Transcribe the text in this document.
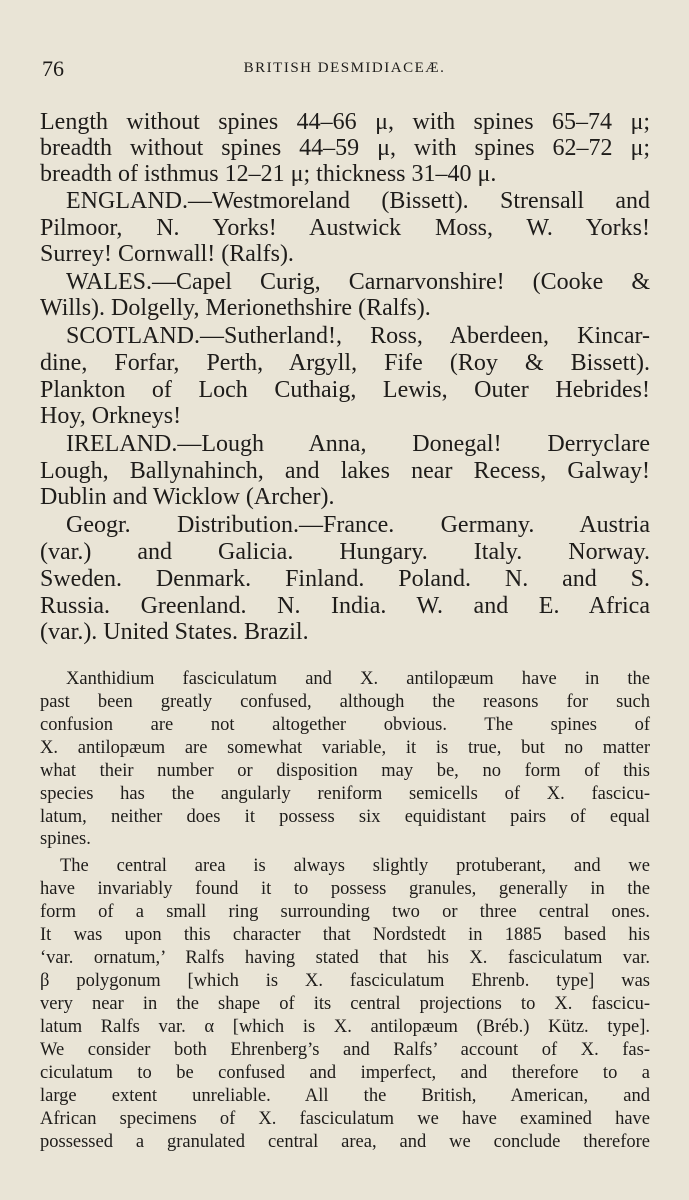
76	BRITISH DESMIDIACEÆ.
Length without spines 44–66 μ, with spines 65–74 μ;
breadth without spines 44–59 μ, with spines 62–72 μ;
breadth of isthmus 12–21 μ; thickness 31–40 μ.
ENGLAND.—Westmoreland (Bissett). Strensall and
Pilmoor, N. Yorks! Austwick Moss, W. Yorks!
Surrey! Cornwall! (Ralfs).
WALES.—Capel Curig, Carnarvonshire! (Cooke &
Wills). Dolgelly, Merionethshire (Ralfs).
SCOTLAND.—Sutherland!, Ross, Aberdeen, Kincar-
dine, Forfar, Perth, Argyll, Fife (Roy & Bissett).
Plankton of Loch Cuthaig, Lewis, Outer Hebrides!
Hoy, Orkneys!
IRELAND.—Lough Anna, Donegal! Derryclare
Lough, Ballynahinch, and lakes near Recess, Galway!
Dublin and Wicklow (Archer).
Geogr. Distribution.—France. Germany. Austria
(var.) and Galicia. Hungary. Italy. Norway.
Sweden. Denmark. Finland. Poland. N. and S.
Russia. Greenland. N. India. W. and E. Africa
(var.). United States. Brazil.
Xanthidium fasciculatum and X. antilopæum have in the
past been greatly confused, although the reasons for such
confusion are not altogether obvious. The spines of
X. antilopæum are somewhat variable, it is true, but no matter
what their number or disposition may be, no form of this
species has the angularly reniform semicells of X. fascicu-
latum, neither does it possess six equidistant pairs of equal
spines.
The central area is always slightly protuberant, and we
have invariably found it to possess granules, generally in the
form of a small ring surrounding two or three central ones.
It was upon this character that Nordstedt in 1885 based his
‘var. ornatum,’ Ralfs having stated that his X. fasciculatum var.
β polygonum [which is X. fasciculatum Ehrenb. type] was
very near in the shape of its central projections to X. fascicu-
latum Ralfs var. α [which is X. antilopæum (Bréb.) Kütz. type].
We consider both Ehrenberg’s and Ralfs’ account of X. fas-
ciculatum to be confused and imperfect, and therefore to a
large extent unreliable. All the British, American, and
African specimens of X. fasciculatum we have examined have
possessed a granulated central area, and we conclude therefore
